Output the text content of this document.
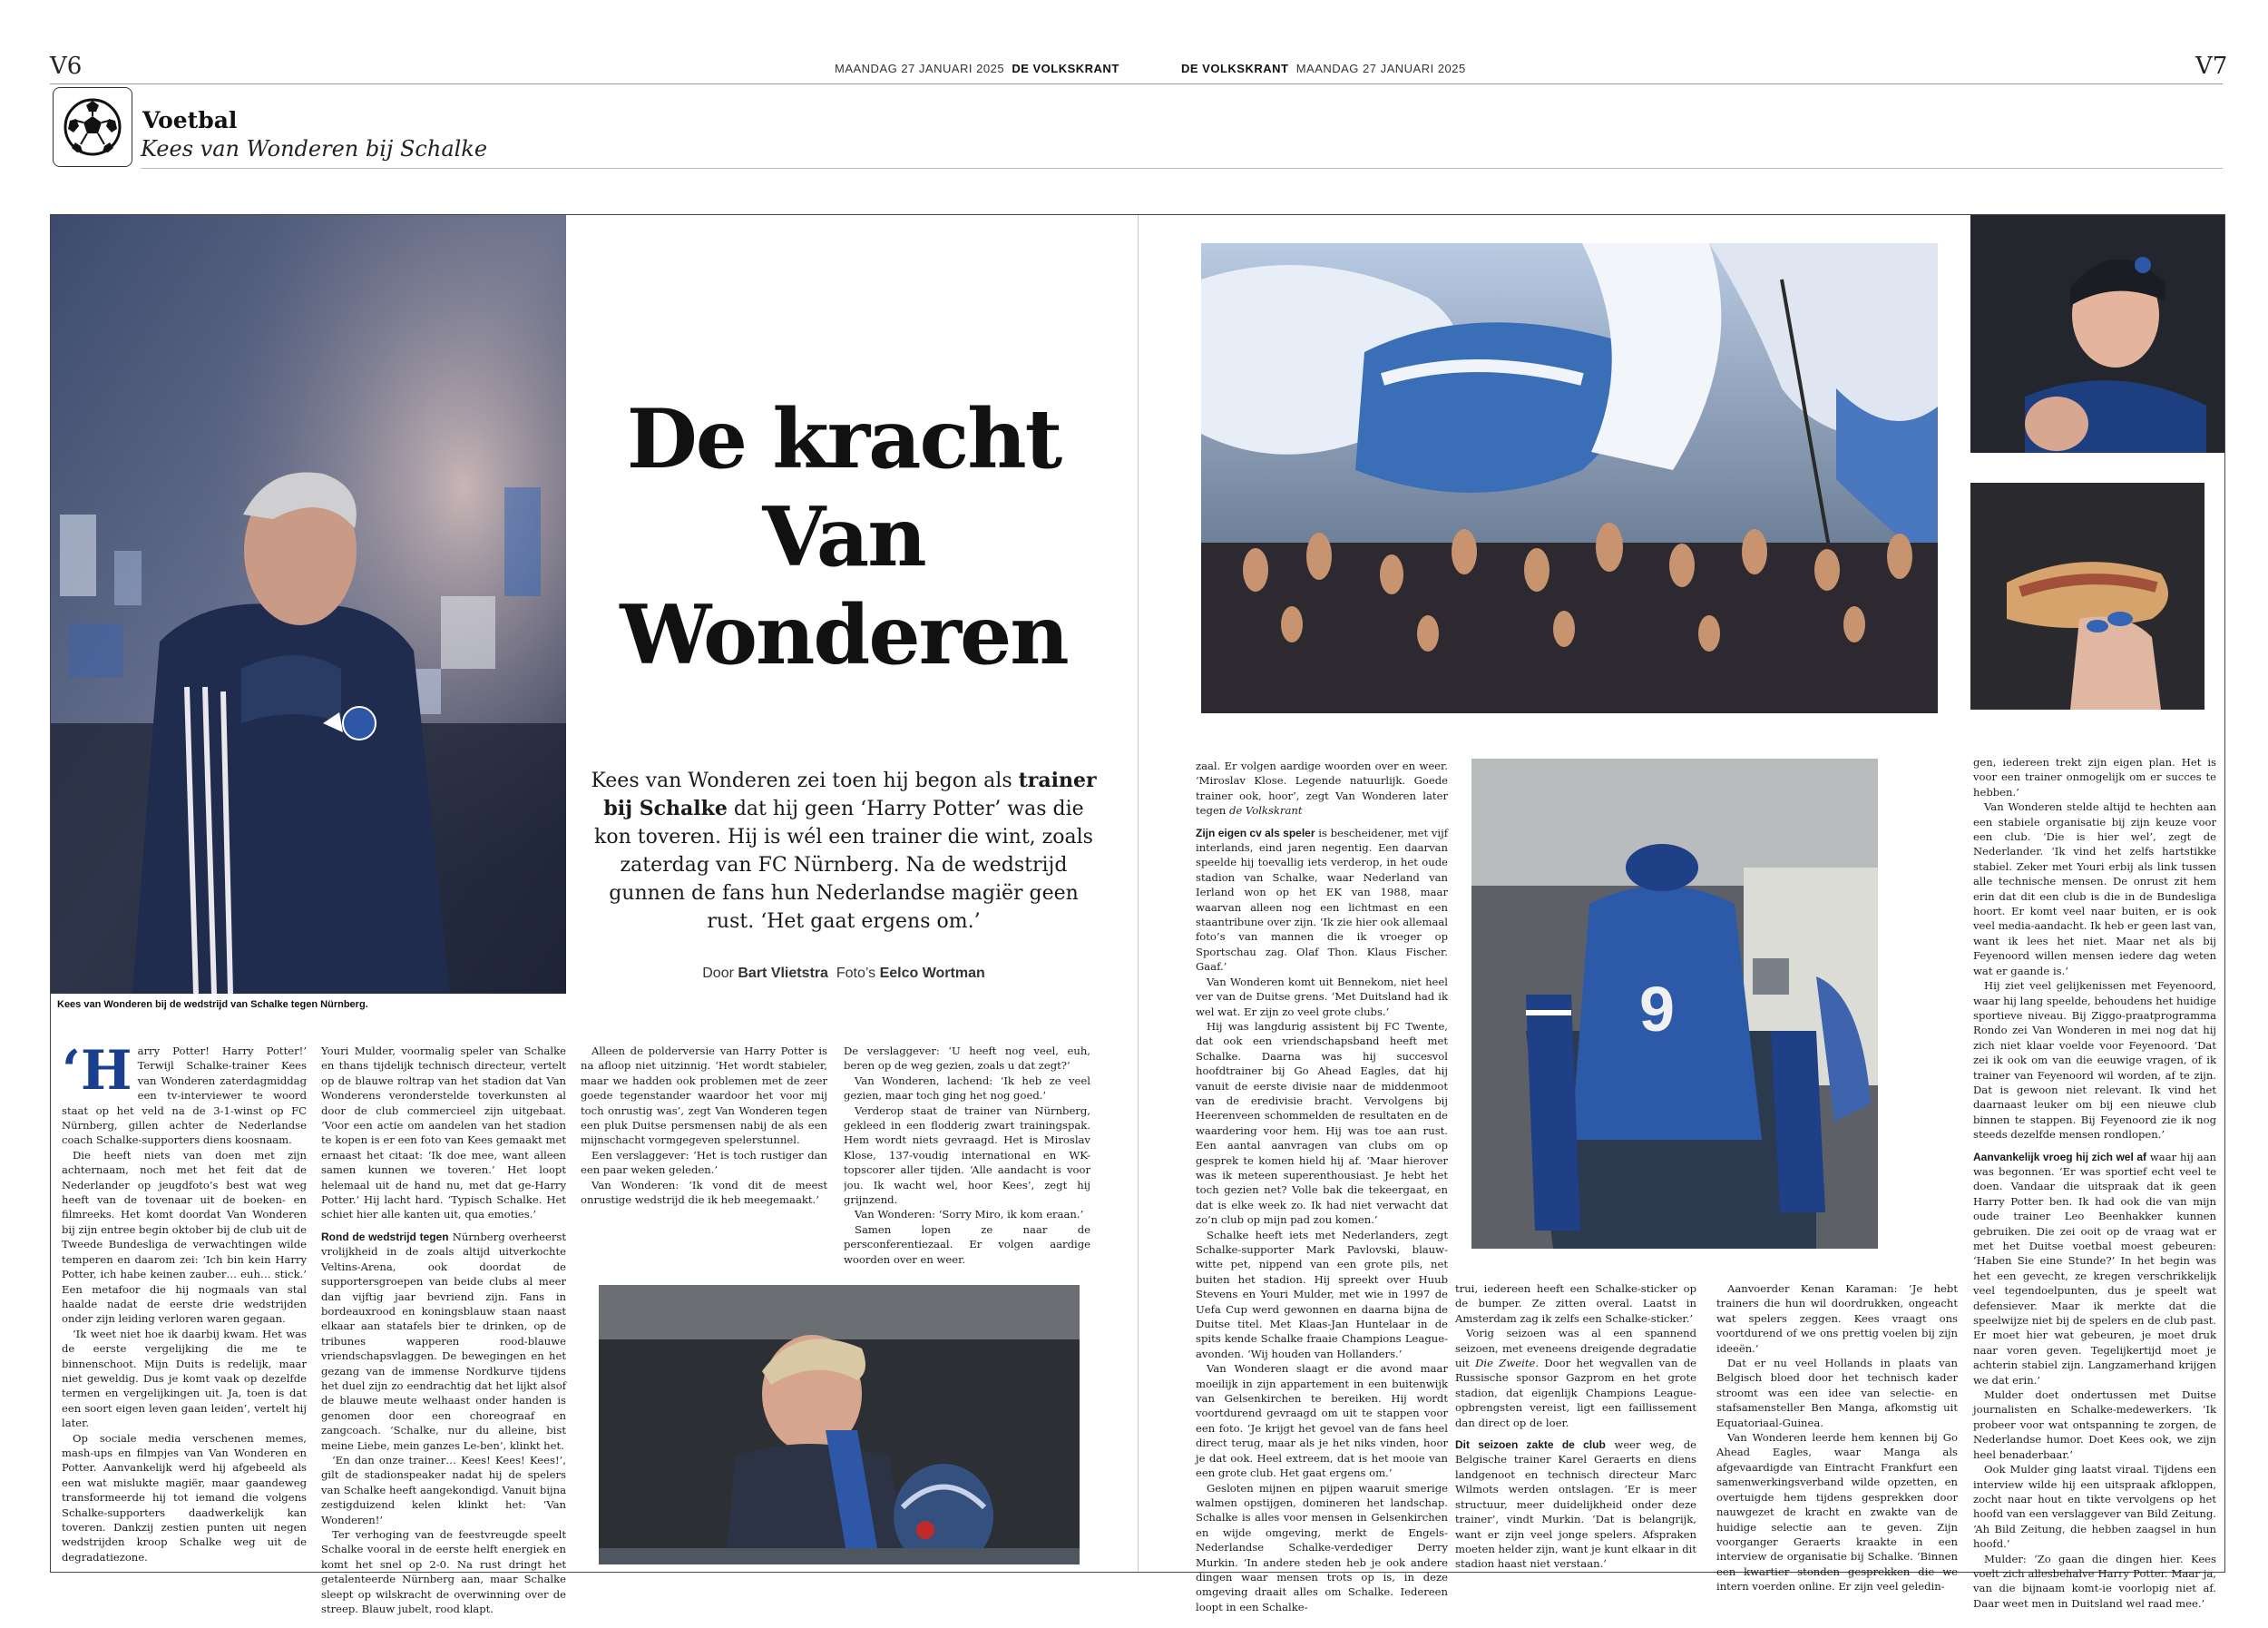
V6	MAANDAG 27 JANUARI 2025 DE VOLKSKRANT	DE VOLKSKRANT MAANDAG 27 JANUARI 2025	V7
Voetbal
Kees van Wonderen bij Schalke
Kees van Wonderen bij de wedstrijd van Schalke tegen Nürnberg.
De kracht
Van
Wonderen
Kees van Wonderen zei toen hij begon als trainer bij Schalke dat hij geen ‘Harry Potter’ was die kon toveren. Hij is wél een trainer die wint, zoals zaterdag van FC Nürnberg. Na de wedstrijd gunnen de fans hun Nederlandse magiër geen rust. ‘Het gaat ergens om.’
Door Bart Vlietstra Foto’s Eelco Wortman

‘Harry Potter! Harry Potter!’ Terwijl Schalke-trainer Kees van Wonderen zaterdagmiddag een tv-interviewer te woord staat op het veld na de 3-1-winst op FC Nürnberg, gillen achter de Nederlandse coach Schalke-supporters diens koosnaam.

Die heeft niets van doen met zijn achternaam, noch met het feit dat de Nederlander op jeugdfoto’s best wat weg heeft van de tovenaar uit de boeken- en filmreeks. Het komt doordat Van Wonderen bij zijn entree begin oktober bij de club uit de Tweede Bundesliga de verwachtingen wilde temperen en daarom zei: ‘Ich bin kein Harry Potter, ich habe keinen zauber… euh… stick.’ Een metafoor die hij nogmaals van stal haalde nadat de eerste drie wedstrijden onder zijn leiding verloren waren gegaan.

‘Ik weet niet hoe ik daarbij kwam. Het was de eerste vergelijking die me te binnenschoot. Mijn Duits is redelijk, maar niet geweldig. Dus je komt vaak op dezelfde termen en vergelijkingen uit. Ja, toen is dat een soort eigen leven gaan leiden’, vertelt hij later.

Op sociale media verschenen memes, mash-ups en filmpjes van Van Wonderen en Potter. Aanvankelijk werd hij afgebeeld als een wat mislukte magiër, maar gaandeweg transformeerde hij tot iemand die volgens Schalke-supporters daadwerkelijk kan toveren. Dankzij zestien punten uit negen wedstrijden kroop Schalke weg uit de degradatiezone.

Youri Mulder, voormalig speler van Schalke en thans tijdelijk technisch directeur, vertelt op de blauwe roltrap van het stadion dat Van Wonderens veronderstelde toverkunsten al door de club commercieel zijn uitgebaat. ‘Voor een actie om aandelen van het stadion te kopen is er een foto van Kees gemaakt met ernaast het citaat: ‘Ik doe mee, want alleen samen kunnen we toveren.’ Het loopt helemaal uit de hand nu, met dat ge-Harry Potter.’ Hij lacht hard. ‘Typisch Schalke. Het schiet hier alle kanten uit, qua emoties.’

Rond de wedstrijd tegen Nürnberg overheerst vrolijkheid in de zoals altijd uitverkochte Veltins-Arena, ook doordat de supportersgroepen van beide clubs al meer dan vijftig jaar bevriend zijn. Fans in bordeauxrood en koningsblauw staan naast elkaar aan statafels bier te drinken, op de tribunes wapperen rood-blauwe vriendschapsvlaggen. De bewegingen en het gezang van de immense Nordkurve tijdens het duel zijn zo eendrachtig dat het lijkt alsof de blauwe meute welhaast onder handen is genomen door een choreograaf en zangcoach. ‘Schalke, nur du alleine, bist meine Liebe, mein ganzes Le-ben’, klinkt het.

‘En dan onze trainer… Kees! Kees! Kees!’, gilt de stadionspeaker nadat hij de spelers van Schalke heeft aangekondigd. Vanuit bijna zestigduizend kelen klinkt het: ‘Van Wonderen!’

Ter verhoging van de feestvreugde speelt Schalke vooral in de eerste helft energiek en komt het snel op 2-0. Na rust dringt het getalenteerde Nürnberg aan, maar Schalke sleept op wilskracht de overwinning over de streep. Blauw jubelt, rood klapt.

Alleen de polderversie van Harry Potter is na afloop niet uitzinnig. ‘Het wordt stabieler, maar we hadden ook problemen met de zeer goede tegenstander waardoor het voor mij toch onrustig was’, zegt Van Wonderen tegen een pluk Duitse persmensen nabij de als een mijnschacht vormgegeven spelerstunnel.

Een verslaggever: ‘Het is toch rustiger dan een paar weken geleden.’

Van Wonderen: ‘Ik vond dit de meest onrustige wedstrijd die ik heb meegemaakt.’

De verslaggever: ‘U heeft nog veel, euh, beren op de weg gezien, zoals u dat zegt?’

Van Wonderen, lachend: ‘Ik heb ze veel gezien, maar toch ging het nog goed.’

Verderop staat de trainer van Nürnberg, gekleed in een flodderig zwart trainingspak. Hem wordt niets gevraagd. Het is Miroslav Klose, 137-voudig international en WK-topscorer aller tijden. ‘Alle aandacht is voor jou. Ik wacht wel, hoor Kees’, zegt hij grijnzend.

Van Wonderen: ‘Sorry Miro, ik kom eraan.’

Samen lopen ze naar de persconferentiezaal. Er volgen aardige woorden over en weer.

9

zaal. Er volgen aardige woorden over en weer. ‘Miroslav Klose. Legende natuurlijk. Goede trainer ook, hoor’, zegt Van Wonderen later tegen de Volkskrant

Zijn eigen cv als speler is bescheidener, met vijf interlands, eind jaren negentig. Een daarvan speelde hij toevallig iets verderop, in het oude stadion van Schalke, waar Nederland van Ierland won op het EK van 1988, maar waarvan alleen nog een lichtmast en een staantribune over zijn. ‘Ik zie hier ook allemaal foto’s van mannen die ik vroeger op Sportschau zag. Olaf Thon. Klaus Fischer. Gaaf.’

Van Wonderen komt uit Bennekom, niet heel ver van de Duitse grens. ‘Met Duitsland had ik wel wat. Er zijn zo veel grote clubs.’

Hij was langdurig assistent bij FC Twente, dat ook een vriendschapsband heeft met Schalke. Daarna was hij succesvol hoofdtrainer bij Go Ahead Eagles, dat hij vanuit de eerste divisie naar de middenmoot van de eredivisie bracht. Vervolgens bij Heerenveen schommelden de resultaten en de waardering voor hem. Hij was toe aan rust. Een aantal aanvragen van clubs om op gesprek te komen hield hij af. ‘Maar hierover was ik meteen superenthousiast. Je hebt het toch gezien net? Volle bak die tekeergaat, en dat is elke week zo. Ik had niet verwacht dat zo’n club op mijn pad zou komen.’

Schalke heeft iets met Nederlanders, zegt Schalke-supporter Mark Pavlovski, blauw-witte pet, nippend van een grote pils, net buiten het stadion. Hij spreekt over Huub Stevens en Youri Mulder, met wie in 1997 de Uefa Cup werd gewonnen en daarna bijna de Duitse titel. Met Klaas-Jan Huntelaar in de spits kende Schalke fraaie Champions League-avonden. ‘Wij houden van Hollanders.’

Van Wonderen slaagt er die avond maar moeilijk in zijn appartement in een buitenwijk van Gelsenkirchen te bereiken. Hij wordt voortdurend gevraagd om uit te stappen voor een foto. ‘Je krijgt het gevoel van de fans heel direct terug, maar als je het niks vinden, hoor je dat ook. Heel extreem, dat is het mooie van een grote club. Het gaat ergens om.’

Gesloten mijnen en pijpen waaruit smerige walmen opstijgen, domineren het landschap. Schalke is alles voor mensen in Gelsenkirchen en wijde omgeving, merkt de Engels-Nederlandse Schalke-verdediger Derry Murkin. ‘In andere steden heb je ook andere dingen waar mensen trots op is, in deze omgeving draait alles om Schalke. Iedereen loopt in een Schalke-

trui, iedereen heeft een Schalke-sticker op de bumper. Ze zitten overal. Laatst in Amsterdam zag ik zelfs een Schalke-sticker.’

Vorig seizoen was al een spannend seizoen, met eveneens dreigende degradatie uit Die Zweite. Door het wegvallen van de Russische sponsor Gazprom en het grote stadion, dat eigenlijk Champions League-opbrengsten vereist, ligt een faillissement dan direct op de loer.

Dit seizoen zakte de club weer weg, de Belgische trainer Karel Geraerts en diens landgenoot en technisch directeur Marc Wilmots werden ontslagen. ‘Er is meer structuur, meer duidelijkheid onder deze trainer’, vindt Murkin. ‘Dat is belangrijk, want er zijn veel jonge spelers. Afspraken moeten helder zijn, want je kunt elkaar in dit stadion haast niet verstaan.’

Aanvoerder Kenan Karaman: ‘Je hebt trainers die hun wil doordrukken, ongeacht wat spelers zeggen. Kees vraagt ons voortdurend of we ons prettig voelen bij zijn ideeën.’

Dat er nu veel Hollands in plaats van Belgisch bloed door het technisch kader stroomt was een idee van selectie- en stafsamensteller Ben Manga, afkomstig uit Equatoriaal-Guinea.

Van Wonderen leerde hem kennen bij Go Ahead Eagles, waar Manga als afgevaardigde van Eintracht Frankfurt een samenwerkingsverband wilde opzetten, en overtuigde hem tijdens gesprekken door nauwgezet de kracht en zwakte van de huidige selectie aan te geven. Zijn voorganger Geraerts kraakte in een interview de organisatie bij Schalke. ‘Binnen een kwartier stonden gesprekken die we intern voerden online. Er zijn veel geledin-

gen, iedereen trekt zijn eigen plan. Het is voor een trainer onmogelijk om er succes te hebben.’

Van Wonderen stelde altijd te hechten aan een stabiele organisatie bij zijn keuze voor een club. ‘Die is hier wel’, zegt de Nederlander. ‘Ik vind het zelfs hartstikke stabiel. Zeker met Youri erbij als link tussen alle technische mensen. De onrust zit hem erin dat dit een club is die in de Bundesliga hoort. Er komt veel naar buiten, er is ook veel media-aandacht. Ik heb er geen last van, want ik lees het niet. Maar net als bij Feyenoord willen mensen iedere dag weten wat er gaande is.’

Hij ziet veel gelijkenissen met Feyenoord, waar hij lang speelde, behoudens het huidige sportieve niveau. Bij Ziggo-praatprogramma Rondo zei Van Wonderen in mei nog dat hij zich niet klaar voelde voor Feyenoord. ‘Dat zei ik ook om van die eeuwige vragen, of ik trainer van Feyenoord wil worden, af te zijn. Dat is gewoon niet relevant. Ik vind het daarnaast leuker om bij een nieuwe club binnen te stappen. Bij Feyenoord zie ik nog steeds dezelfde mensen rondlopen.’

Aanvankelijk vroeg hij zich wel af waar hij aan was begonnen. ‘Er was sportief echt veel te doen. Vandaar die uitspraak dat ik geen Harry Potter ben. Ik had ook die van mijn oude trainer Leo Beenhakker kunnen gebruiken. Die zei ooit op de vraag wat er met het Duitse voetbal moest gebeuren: ‘Haben Sie eine Stunde?’ In het begin was het een gevecht, ze kregen verschrikkelijk veel tegendoelpunten, dus je speelt wat defensiever. Maar ik merkte dat die speelwijze niet bij de spelers en de club past. Er moet hier wat gebeuren, je moet druk naar voren geven. Tegelijkertijd moet je achterin stabiel zijn. Langzamerhand krijgen we dat erin.’

Mulder doet ondertussen met Duitse journalisten en Schalke-medewerkers. ‘Ik probeer voor wat ontspanning te zorgen, de Nederlandse humor. Doet Kees ook, we zijn heel benaderbaar.’

Ook Mulder ging laatst viraal. Tijdens een interview wilde hij een uitspraak afkloppen, zocht naar hout en tikte vervolgens op het hoofd van een verslaggever van Bild Zeitung. ‘Ah Bild Zeitung, die hebben zaagsel in hun hoofd.’

Mulder: ‘Zo gaan die dingen hier. Kees voelt zich allesbehalve Harry Potter. Maar ja, van die bijnaam komt-ie voorlopig niet af. Daar weet men in Duitsland wel raad mee.’
